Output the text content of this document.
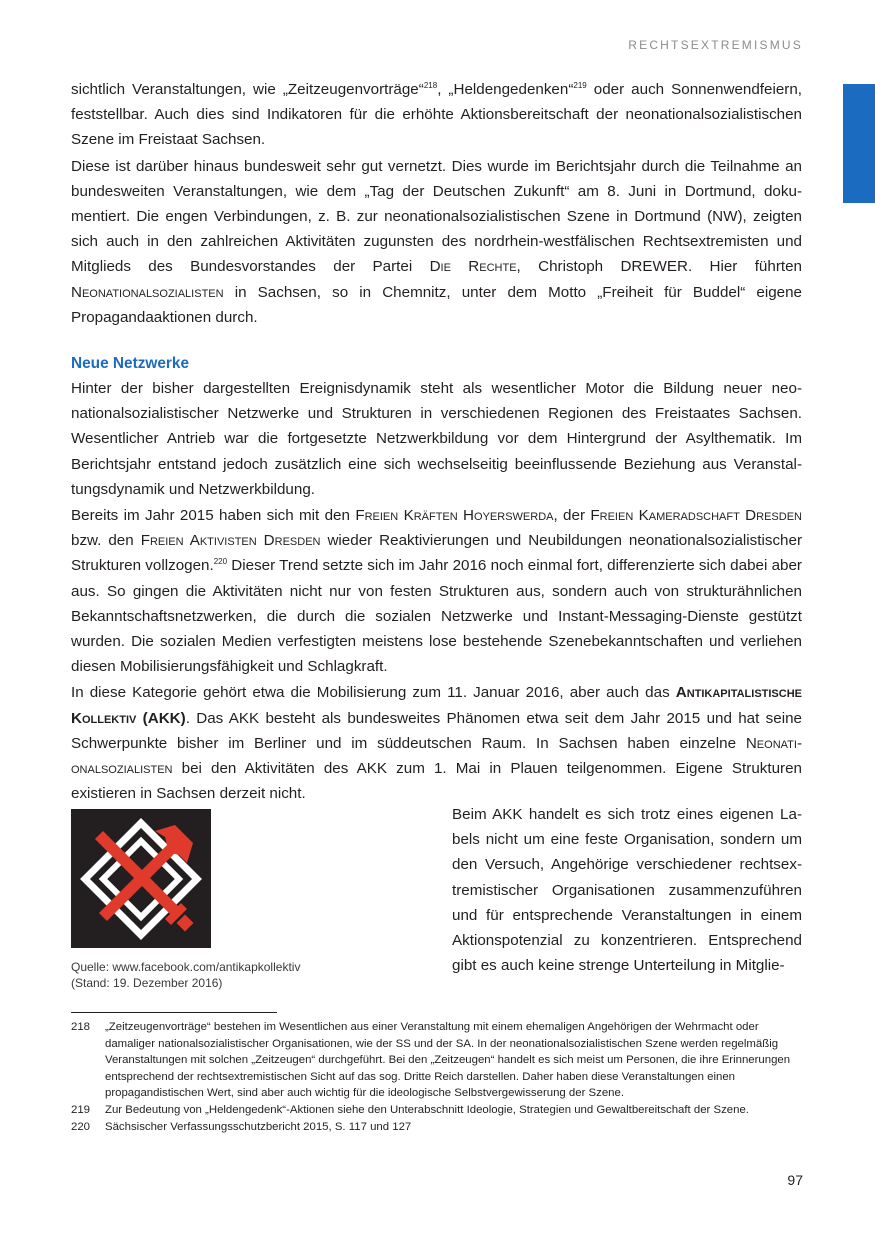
RECHTSEXTREMISMUS

sichtlich Veranstaltungen, wie „Zeitzeugenvorträge“$^{218}$, „Heldengedenken“$^{219}$ oder auch Sonnenwendfeiern, feststellbar. Auch dies sind Indikatoren für die erhöhte Aktionsbereitschaft der neonationalsozialistischen Szene im Freistaat Sachsen.

Diese ist darüber hinaus bundesweit sehr gut vernetzt. Dies wurde im Berichtsjahr durch die Teilnahme an bundesweiten Veranstaltungen, wie dem „Tag der Deutschen Zukunft“ am 8. Juni in Dortmund, dokumentiert. Die engen Verbindungen, z. B. zur neonationalsozialistischen Szene in Dortmund (NW), zeigten sich auch in den zahlreichen Aktivitäten zugunsten des nordrhein-westfälischen Rechtsextremisten und Mitglieds des Bundesvorstandes der Partei Die Rechte, Christoph DREWER. Hier führten Neonationalsozialisten in Sachsen, so in Chemnitz, unter dem Motto „Freiheit für Buddel“ eigene Propagandaaktionen durch.

Neue Netzwerke

Hinter der bisher dargestellten Ereignisdynamik steht als wesentlicher Motor die Bildung neuer neonationalsozialistischer Netzwerke und Strukturen in verschiedenen Regionen des Freistaates Sachsen. Wesentlicher Antrieb war die fortgesetzte Netzwerkbildung vor dem Hintergrund der Asylthematik. Im Berichtsjahr entstand jedoch zusätzlich eine sich wechselseitig beeinflussende Beziehung aus Veranstaltungsdynamik und Netzwerkbildung.

Bereits im Jahr 2015 haben sich mit den Freien Kräften Hoyerswerda, der Freien Kameradschaft Dresden bzw. den Freien Aktivisten Dresden wieder Reaktivierungen und Neubildungen neonationalsozialistischer Strukturen vollzogen.$^{220}$ Dieser Trend setzte sich im Jahr 2016 noch einmal fort, differenzierte sich dabei aber aus. So gingen die Aktivitäten nicht nur von festen Strukturen aus, sondern auch von strukturähnlichen Bekanntschaftsnetzwerken, die durch die sozialen Netzwerke und Instant-Messaging-Dienste gestützt wurden. Die sozialen Medien verfestigten meistens lose bestehende Szenebekanntschaften und verliehen diesen Mobilisierungsfähigkeit und Schlagkraft.

In diese Kategorie gehört etwa die Mobilisierung zum 11. Januar 2016, aber auch das Antikapitalistische Kollektiv (AKK). Das AKK besteht als bundesweites Phänomen etwa seit dem Jahr 2015 und hat seine Schwerpunkte bisher im Berliner und im süddeutschen Raum. In Sachsen haben einzelne Neonationalsozialisten bei den Aktivitäten des AKK zum 1. Mai in Plauen teilgenommen. Eigene Strukturen existieren in Sachsen derzeit nicht.

Quelle: www.facebook.com/antikapkollektiv
(Stand: 19. Dezember 2016)
Beim AKK handelt es sich trotz eines eigenen Labels nicht um eine feste Organisation, sondern um den Versuch, Angehörige verschiedener rechtsextremistischer Organisationen zusammenzuführen und für entsprechende Veranstaltungen in einem Aktionspotenzial zu konzentrieren. Entsprechend gibt es auch keine strenge Unterteilung in Mitglie-
218	„Zeitzeugenvorträge“ bestehen im Wesentlichen aus einer Veranstaltung mit einem ehemaligen Angehörigen der Wehrmacht oder damaliger nationalsozialistischer Organisationen, wie der SS und der SA. In der neonationalsozialistischen Szene werden regelmäßig Veranstaltungen mit solchen „Zeitzeugen“ durchgeführt. Bei den „Zeitzeugen“ handelt es sich meist um Personen, die ihre Erinnerungen entsprechend der rechtsextremistischen Sicht auf das sog. Dritte Reich darstellen. Daher haben diese Veranstaltungen einen propagandistischen Wert, sind aber auch wichtig für die ideologische Selbstvergewisserung der Szene.
219	Zur Bedeutung von „Heldengedenk“-Aktionen siehe den Unterabschnitt Ideologie, Strategien und Gewaltbereitschaft der Szene.
220	Sächsischer Verfassungsschutzbericht 2015, S. 117 und 127
97
